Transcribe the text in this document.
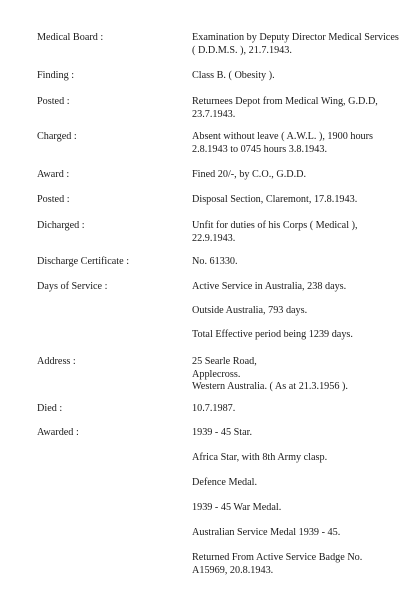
Medical Board :	Examination by Deputy Director Medical Services
( D.D.M.S. ), 21.7.1943.
Finding :	Class B. ( Obesity ).
Posted :	Returnees Depot from Medical Wing, G.D.D,
23.7.1943.
Charged :	Absent without leave ( A.W.L. ), 1900 hours
2.8.1943 to 0745 hours 3.8.1943.
Award :	Fined 20/-, by C.O., G.D.D.
Posted :	Disposal Section, Claremont, 17.8.1943.
Dicharged :	Unfit for duties of his Corps ( Medical ),
22.9.1943.
Discharge Certificate :	No. 61330.
Days of Service :	Active Service in Australia, 238 days.
Outside Australia, 793 days.
Total Effective period being 1239 days.
Address :	25 Searle Road,
Applecross.
Western Australia. ( As at 21.3.1956 ).
Died :	10.7.1987.
Awarded :	1939 - 45 Star.
Africa Star, with 8th Army clasp.
Defence Medal.
1939 - 45 War Medal.
Australian Service Medal 1939 - 45.
Returned From Active Service Badge No.
A15969, 20.8.1943.
